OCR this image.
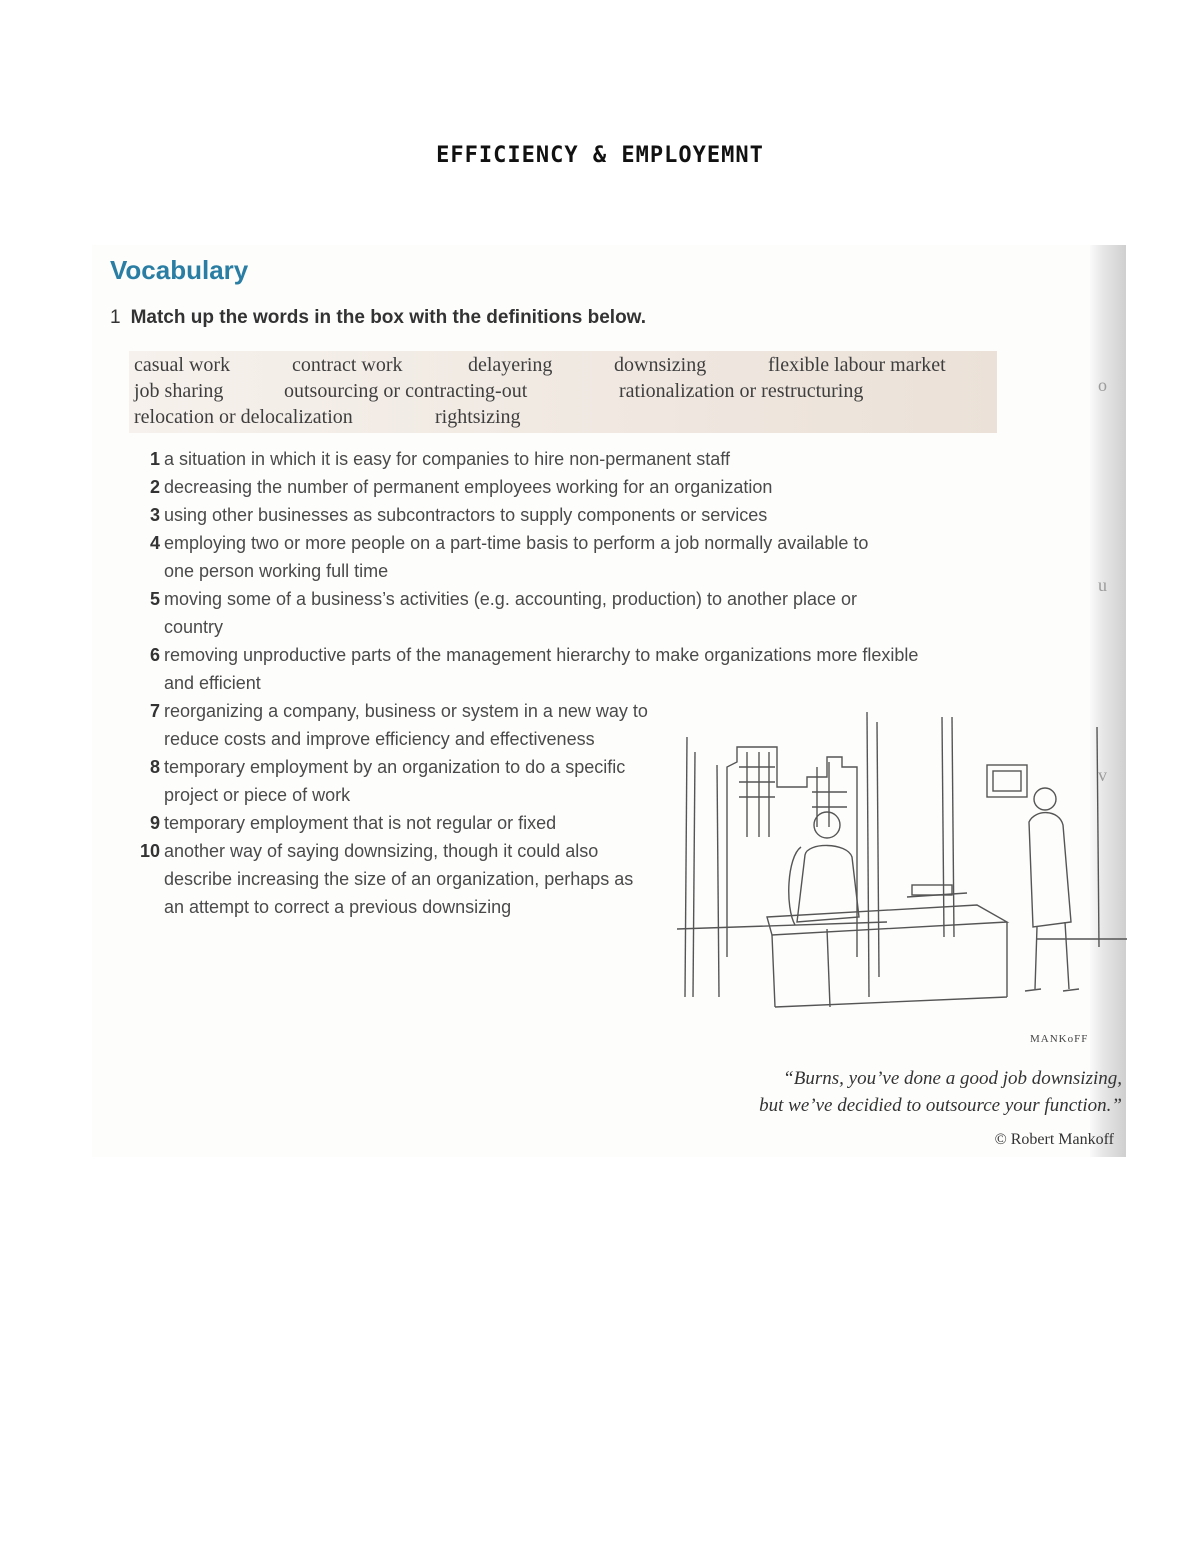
EFFICIENCY & EMPLOYEMNT
o
u
v
Vocabulary
1 Match up the words in the box with the definitions below.
casual work	contract work	delayering	downsizing	flexible labour market
job sharing	outsourcing or contracting-out	rationalization or restructuring
relocation or delocalization	rightsizing
1 a situation in which it is easy for companies to hire non-permanent staff
2 decreasing the number of permanent employees working for an organization
3 using other businesses as subcontractors to supply components or services
4 employing two or more people on a part-time basis to perform a job normally available to one person working full time
5 moving some of a business’s activities (e.g. accounting, production) to another place or country
6 removing unproductive parts of the management hierarchy to make organizations more flexible and efficient
7 reorganizing a company, business or system in a new way to reduce costs and improve efficiency and effectiveness
8 temporary employment by an organization to do a specific project or piece of work
9 temporary employment that is not regular or fixed
10 another way of saying downsizing, though it could also describe increasing the size of an organization, perhaps as an attempt to correct a previous downsizing
MANKoFF
“Burns, you’ve done a good job downsizing,
but we’ve decidied to outsource your function.”
© Robert Mankoff
